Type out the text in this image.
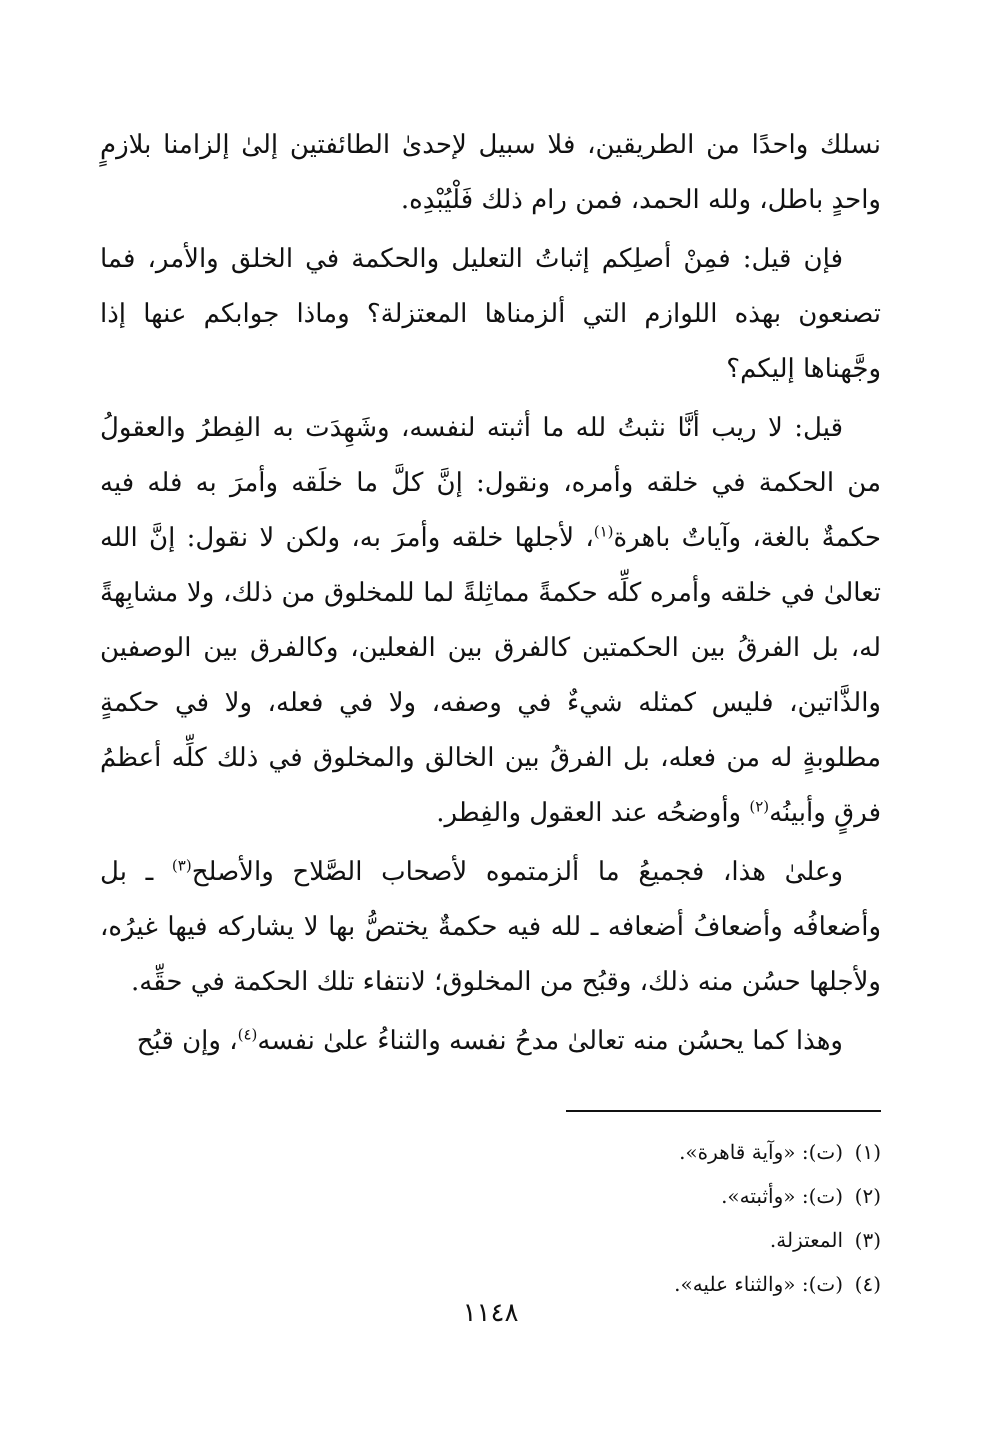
نسلك واحدًا من الطريقين، فلا سبيل لإحدىٰ الطائفتين إلىٰ إلزامنا بلازمٍ واحدٍ باطل، ولله الحمد، فمن رام ذلك فَلْيُبْدِه.

فإن قيل: فمِنْ أصلِكم إثباتُ التعليل والحكمة في الخلق والأمر، فما تصنعون بهذه اللوازم التي ألزمناها المعتزلة؟ وماذا جوابكم عنها إذا وجَّهناها إليكم؟

قيل: لا ريب أنَّا نثبتُ لله ما أثبته لنفسه، وشَهِدَت به الفِطرُ والعقولُ من الحكمة في خلقه وأمره، ونقول: إنَّ كلَّ ما خلَقه وأمرَ به فله فيه حكمةٌ بالغة، وآياتٌ باهرة$^{(١)}$، لأجلها خلقه وأمرَ به، ولكن لا نقول: إنَّ الله تعالىٰ في خلقه وأمره كلِّه حكمةً مماثِلةً لما للمخلوق من ذلك، ولا مشابِهةً له، بل الفرقُ بين الحكمتين كالفرق بين الفعلين، وكالفرق بين الوصفين والذَّاتين، فليس كمثله شيءٌ في وصفه، ولا في فعله، ولا في حكمةٍ مطلوبةٍ له من فعله، بل الفرقُ بين الخالق والمخلوق في ذلك كلِّه أعظمُ فرقٍ وأبينُه$^{(٢)}$ وأوضحُه عند العقول والفِطر.

وعلىٰ هذا، فجميعُ ما ألزمتموه لأصحاب الصَّلاح والأصلح$^{(٣)}$ ـ بل وأضعافُه وأضعافُ أضعافه ـ لله فيه حكمةٌ يختصُّ بها لا يشاركه فيها غيرُه، ولأجلها حسُن منه ذلك، وقبُح من المخلوق؛ لانتفاء تلك الحكمة في حقِّه.

وهذا كما يحسُن منه تعالىٰ مدحُ نفسه والثناءُ علىٰ نفسه$^{(٤)}$، وإن قبُح

(١)
(ت): «وآية قاهرة».
(٢)
(ت): «وأثبته».
(٣)
المعتزلة.
(٤)
(ت): «والثناء عليه».
١١٤٨
